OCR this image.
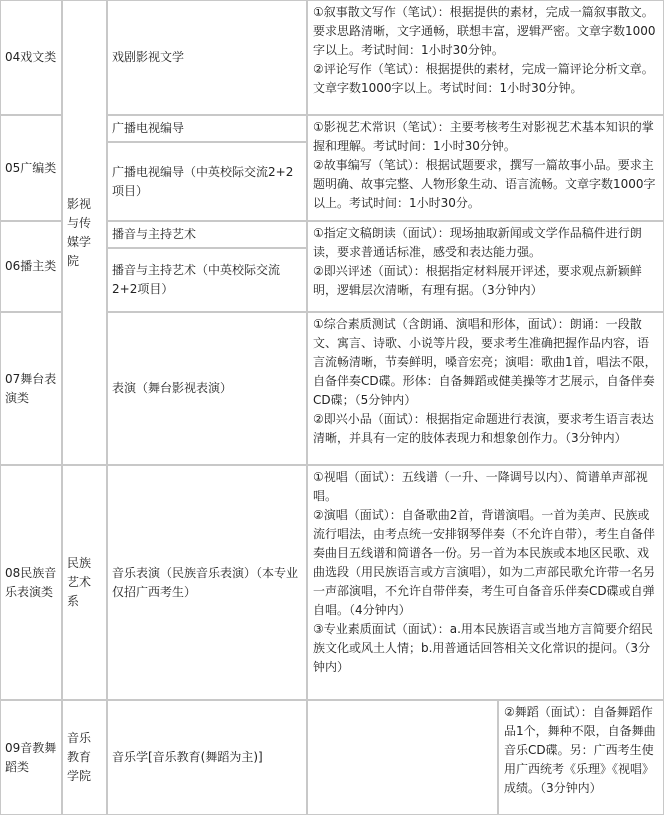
04戏文类	戏剧影视文学

①叙事散文写作（笔试）：根据提供的素材，完成一篇叙事散文。要求思路清晰，文字通畅，联想丰富，逻辑严密。文章字数1000字以上。考试时间：1小时30分钟。

②评论写作（笔试）：根据提供的素材，完成一篇评论分析文章。文章字数1000字以上。考试时间：1小时30分钟。

05广编类
广播电视编导
广播电视编导（中英校际交流2+2项目）

①影视艺术常识（笔试）：主要考核考生对影视艺术基本知识的掌握和理解。考试时间：1小时30分钟。

②故事编写（笔试）：根据试题要求，撰写一篇故事小品。要求主题明确、故事完整、人物形象生动、语言流畅。文章字数1000字以上。考试时间：1小时30分。

影视与传媒学院
06播主类
播音与主持艺术
播音与主持艺术（中英校际交流2+2项目）

①指定文稿朗读（面试）：现场抽取新闻或文学作品稿件进行朗读，要求普通话标准，感受和表达能力强。

②即兴评述（面试）：根据指定材料展开评述，要求观点新颖鲜明，逻辑层次清晰，有理有据。（3分钟内）

07舞台表演类
表演（舞台影视表演）

①综合素质测试（含朗诵、演唱和形体，面试）：朗诵：一段散文、寓言、诗歌、小说等片段，要求考生准确把握作品内容，语言流畅清晰，节奏鲜明，嗓音宏亮；演唱：歌曲1首，唱法不限，自备伴奏CD碟。形体：自备舞蹈或健美操等才艺展示，自备伴奏CD碟；（5分钟内）

②即兴小品（面试）：根据指定命题进行表演，要求考生语言表达清晰，并具有一定的肢体表现力和想象创作力。（3分钟内）

08民族音乐表演类
民族艺术系
音乐表演（民族音乐表演）（本专业仅招广西考生）

①视唱（面试）：五线谱（一升、一降调号以内）、简谱单声部视唱。

②演唱（面试）：自备歌曲2首，背谱演唱。一首为美声、民族或流行唱法，由考点统一安排钢琴伴奏（不允许自带），考生自备伴奏曲目五线谱和简谱各一份。另一首为本民族或本地区民歌、戏曲选段（用民族语言或方言演唱），如为二声部民歌允许带一名另一声部演唱，不允许自带伴奏，考生可自备音乐伴奏CD碟或自弹自唱。（4分钟内）

③专业素质面试（面试）：a.用本民族语言或当地方言简要介绍民族文化或风土人情；b.用普通话回答相关文化常识的提问。（3分钟内）

09音教舞蹈类
音乐教育学院
音乐学[音乐教育(舞蹈为主)]

②舞蹈（面试）：自备舞蹈作品1个，舞种不限，自备舞曲音乐CD碟。另：广西考生使用广西统考《乐理》《视唱》成绩。（3分钟内）
